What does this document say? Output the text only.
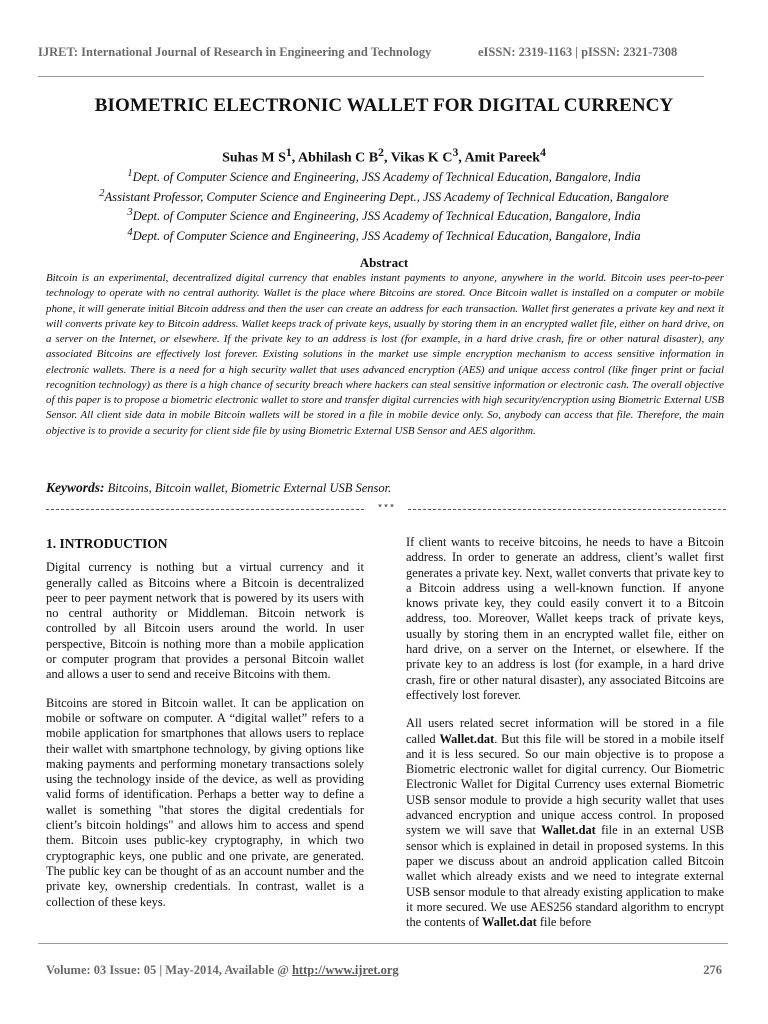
IJRET: International Journal of Research in Engineering and Technology	eISSN: 2319-1163 | pISSN: 2321-7308
BIOMETRIC ELECTRONIC WALLET FOR DIGITAL CURRENCY
Suhas M $S^1$, Abhilash C $B^2$, Vikas K $C^3$, Amit Pareek$^4$
$^1$Dept. of Computer Science and Engineering, JSS Academy of Technical Education, Bangalore, India
$^2$Assistant Professor, Computer Science and Engineering Dept., JSS Academy of Technical Education, Bangalore
$^3$Dept. of Computer Science and Engineering, JSS Academy of Technical Education, Bangalore, India
$^4$Dept. of Computer Science and Engineering, JSS Academy of Technical Education, Bangalore, India
Abstract
Bitcoin is an experimental, decentralized digital currency that enables instant payments to anyone, anywhere in the world. Bitcoin uses peer-to-peer technology to operate with no central authority. Wallet is the place where Bitcoins are stored. Once Bitcoin wallet is installed on a computer or mobile phone, it will generate initial Bitcoin address and then the user can create an address for each transaction. Wallet first generates a private key and next it will converts private key to Bitcoin address. Wallet keeps track of private keys, usually by storing them in an encrypted wallet file, either on hard drive, on a server on the Internet, or elsewhere. If the private key to an address is lost (for example, in a hard drive crash, fire or other natural disaster), any associated Bitcoins are effectively lost forever. Existing solutions in the market use simple encryption mechanism to access sensitive information in electronic wallets. There is a need for a high security wallet that uses advanced encryption (AES) and unique access control (like finger print or facial recognition technology) as there is a high chance of security breach where hackers can steal sensitive information or electronic cash. The overall objective of this paper is to propose a biometric electronic wallet to store and transfer digital currencies with high security/encryption using Biometric External USB Sensor. All client side data in mobile Bitcoin wallets will be stored in a file in mobile device only. So, anybody can access that file. Therefore, the main objective is to provide a security for client side file by using Biometric External USB Sensor and AES algorithm.
Keywords: Bitcoins, Bitcoin wallet, Biometric External USB Sensor.
***
1. INTRODUCTION

Digital currency is nothing but a virtual currency and it generally called as Bitcoins where a Bitcoin is decentralized peer to peer payment network that is powered by its users with no central authority or Middleman. Bitcoin network is controlled by all Bitcoin users around the world. In user perspective, Bitcoin is nothing more than a mobile application or computer program that provides a personal Bitcoin wallet and allows a user to send and receive Bitcoins with them.

Bitcoins are stored in Bitcoin wallet. It can be application on mobile or software on computer. A “digital wallet” refers to a mobile application for smartphones that allows users to replace their wallet with smartphone technology, by giving options like making payments and performing monetary transactions solely using the technology inside of the device, as well as providing valid forms of identification. Perhaps a better way to define a wallet is something "that stores the digital credentials for client’s bitcoin holdings" and allows him to access and spend them. Bitcoin uses public-key cryptography, in which two cryptographic keys, one public and one private, are generated. The public key can be thought of as an account number and the private key, ownership credentials. In contrast, wallet is a collection of these keys.

If client wants to receive bitcoins, he needs to have a Bitcoin address. In order to generate an address, client’s wallet first generates a private key. Next, wallet converts that private key to a Bitcoin address using a well-known function. If anyone knows private key, they could easily convert it to a Bitcoin address, too. Moreover, Wallet keeps track of private keys, usually by storing them in an encrypted wallet file, either on hard drive, on a server on the Internet, or elsewhere. If the private key to an address is lost (for example, in a hard drive crash, fire or other natural disaster), any associated Bitcoins are effectively lost forever.

All users related secret information will be stored in a file called Wallet.dat. But this file will be stored in a mobile itself and it is less secured. So our main objective is to propose a Biometric electronic wallet for digital currency. Our Biometric Electronic Wallet for Digital Currency uses external Biometric USB sensor module to provide a high security wallet that uses advanced encryption and unique access control. In proposed system we will save that Wallet.dat file in an external USB sensor which is explained in detail in proposed systems. In this paper we discuss about an android application called Bitcoin wallet which already exists and we need to integrate external USB sensor module to that already existing application to make it more secured. We use AES256 standard algorithm to encrypt the contents of Wallet.dat file before

Volume: 03 Issue: 05 | May-2014, Available @ http://www.ijret.org	276
